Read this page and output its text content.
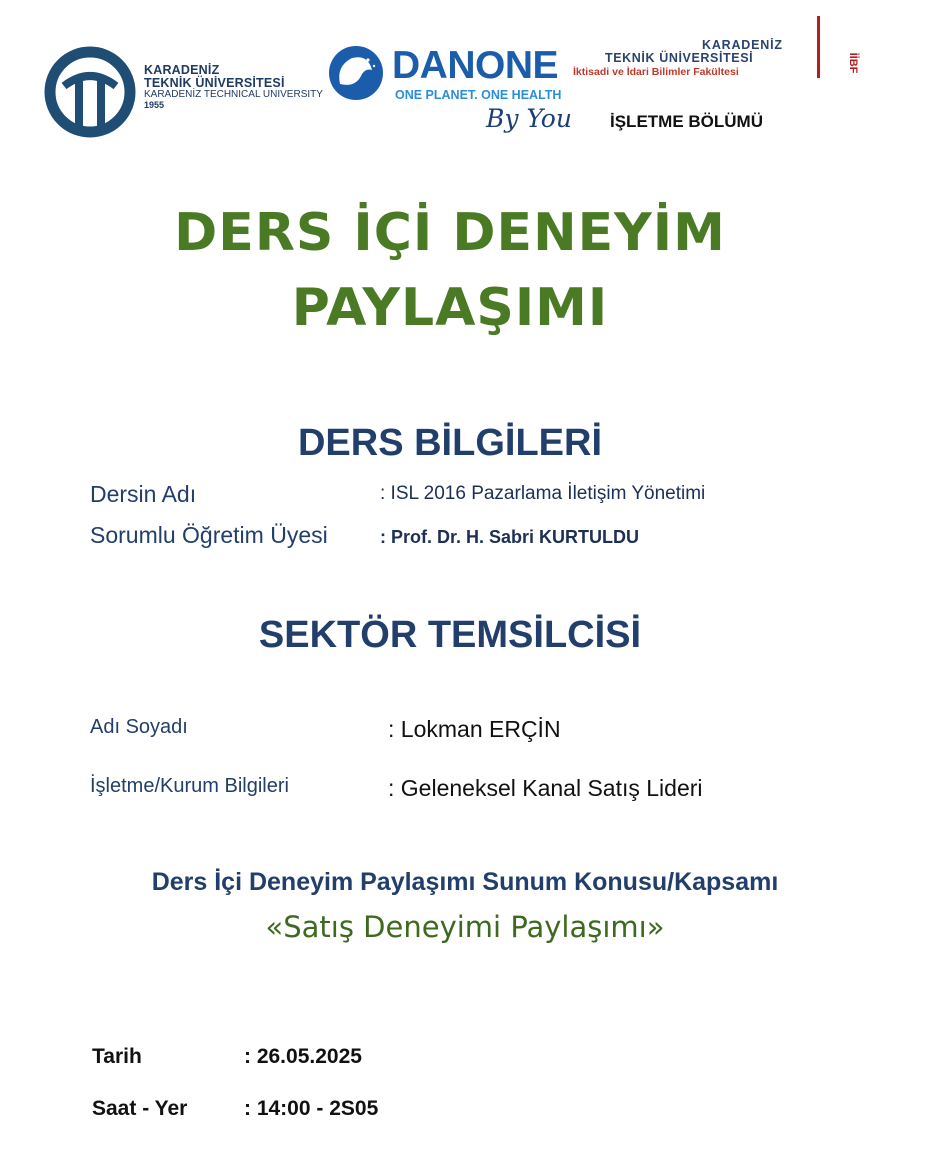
KARADENİZ
TEKNİK ÜNİVERSİTESİ
KARADENİZ TECHNICAL UNIVERSITY
1955
DANONE
ONE PLANET. ONE HEALTH
By You
KARADENİZ
TEKNİK ÜNİVERSİTESİ
İktisadi ve İdari Bilimler Fakültesi	İİBF
İŞLETME BÖLÜMÜ
DERS İÇİ DENEYİM
PAYLAŞIMI
DERS BİLGİLERİ
Dersin Adı	: ISL 2016 Pazarlama İletişim Yönetimi
Sorumlu Öğretim Üyesi	: Prof. Dr. H. Sabri KURTULDU
SEKTÖR TEMSİLCİSİ
Adı Soyadı	: Lokman ERÇİN
İşletme/Kurum Bilgileri	: Geleneksel Kanal Satış Lideri
Ders İçi Deneyim Paylaşımı Sunum Konusu/Kapsamı
«Satış Deneyimi Paylaşımı»
Tarih	: 26.05.2025
Saat - Yer	: 14:00 - 2S05
